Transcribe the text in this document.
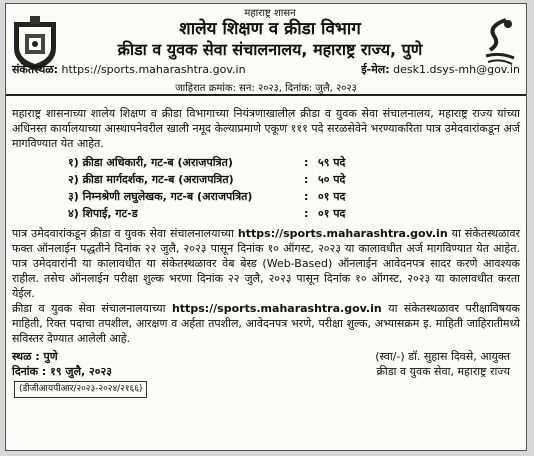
महाराष्ट्र शासन
शालेय शिक्षण व क्रीडा विभाग
क्रीडा व युवक सेवा संचालनालय, महाराष्ट्र राज्य, पुणे
संकेतस्थळ: https://sports.maharashtra.gov.in	ई-मेल: desk1.dsys-mh@gov.in
जाहिरात क्रमांक: सन: २०२३, दिनांक: जुलै, २०२३

महाराष्ट्र शासनाच्या शालेय शिक्षण व क्रीडा विभागाच्या नियंत्रणाखालील क्रीडा व युवक सेवा संचालनालय, महाराष्ट्र राज्य यांच्या अधिनस्त कार्यालयाच्या आस्थापनेवरील खाली नमूद केल्याप्रमाणे एकूण १११ पदे सरळसेवेने भरण्याकरिता पात्र उमेदवारांकडून अर्ज मागविण्यात येत आहेत.

१) क्रीडा अधिकारी, गट-ब (अराजपत्रित)	: ५९ पदे
२) क्रीडा मार्गदर्शक, गट-ब (अराजपत्रित)	: ५० पदे
३) निम्नश्रेणी लघुलेखक, गट-ब (अराजपत्रित)	: ०१ पद
४) शिपाई, गट-ड	: ०१ पद

पात्र उमेदवारांकडून क्रीडा व युवक सेवा संचालनालयाच्या https://sports.maharashtra.gov.in या संकेतस्थळावर फक्त ऑनलाईन पद्धतीने दिनांक २२ जुलै, २०२३ पासून दिनांक १० ऑगस्ट, २०२३ या कालावधीत अर्ज मागविण्यात येत आहेत. पात्र उमेदवारांनी या कालावधीत या संकेतस्थळावर वेब बेस्ड (Web-Based) ऑनलाईन आवेदनपत्र सादर करणे आवश्यक राहील. तसेच ऑनलाईन परीक्षा शुल्क भरणा दिनांक २२ जुलै, २०२३ पासून दिनांक १० ऑगस्ट, २०२३ या कालावधीत करता येईल.

क्रीडा व युवक सेवा संचालनालयाच्या https://sports.maharashtra.gov.in या संकेतस्थळावर परीक्षाविषयक माहिती, रिक्त पदाचा तपशील, आरक्षण व अर्हता तपशील, आवेदनपत्र भरणे, परीक्षा शुल्क, अभ्यासक्रम इ. माहिती जाहिरातीमध्ये सविस्तर देण्यात आलेली आहे.

स्थळ : पुणे
दिनांक : १९ जुलै, २०२३
(स्वा/-) डॉ. सुहास दिवसे, आयुक्त
क्रीडा व युवक सेवा, महाराष्ट्र राज्य
(डीजीआयपीआर/२०२३-२०२४/२१६६)
